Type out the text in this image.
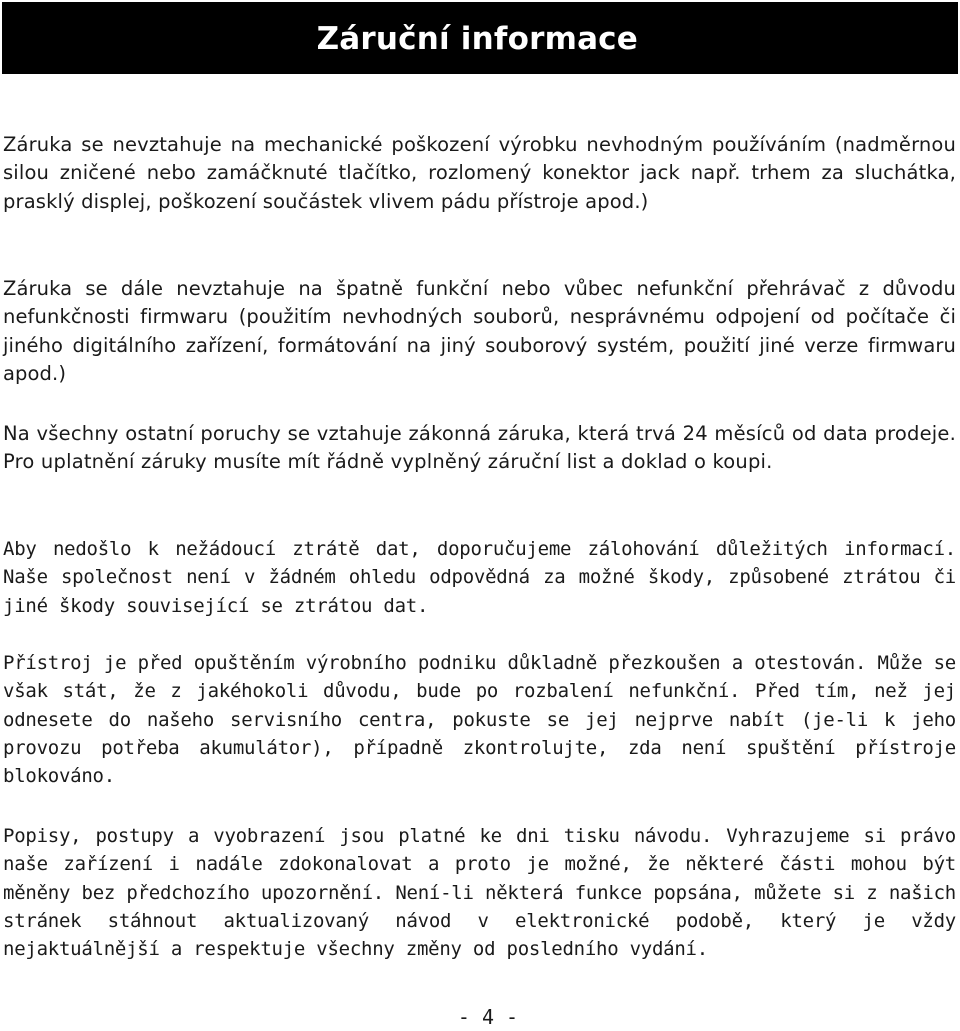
Záruční informace

Záruka se nevztahuje na mechanické poškození výrobku nevhodným používáním (nadměrnou silou zničené nebo zamáčknuté tlačítko, rozlomený konektor jack např. trhem za sluchátka, prasklý displej, poškození součástek vlivem pádu přístroje apod.)

Záruka se dále nevztahuje na špatně funkční nebo vůbec nefunkční přehrávač z důvodu nefunkčnosti firmwaru (použitím nevhodných souborů, nesprávnému odpojení od počítače či jiného digitálního zařízení, formátování na jiný souborový systém, použití jiné verze firmwaru apod.)

Na všechny ostatní poruchy se vztahuje zákonná záruka, která trvá 24 měsíců od data prodeje. Pro uplatnění záruky musíte mít řádně vyplněný záruční list a doklad o koupi.

Aby nedošlo k nežádoucí ztrátě dat, doporučujeme zálohování důležitých informací. Naše společnost není v žádném ohledu odpovědná za možné škody, způsobené ztrátou či jiné škody související se ztrátou dat.

Přístroj je před opuštěním výrobního podniku důkladně přezkoušen a otestován. Může se však stát, že z jakéhokoli důvodu, bude po rozbalení nefunkční. Před tím, než jej odnesete do našeho servisního centra, pokuste se jej nejprve nabít (je-li k jeho provozu potřeba akumulátor), případně zkontrolujte, zda není spuštění přístroje blokováno.

Popisy, postupy a vyobrazení jsou platné ke dni tisku návodu. Vyhrazujeme si právo naše zařízení i nadále zdokonalovat a proto je možné, že některé části mohou být měněny bez předchozího upozornění. Není-li některá funkce popsána, můžete si z našich stránek stáhnout aktualizovaný návod v elektronické podobě, který je vždy nejaktuálnější a respektuje všechny změny od posledního vydání.

- 4 -
